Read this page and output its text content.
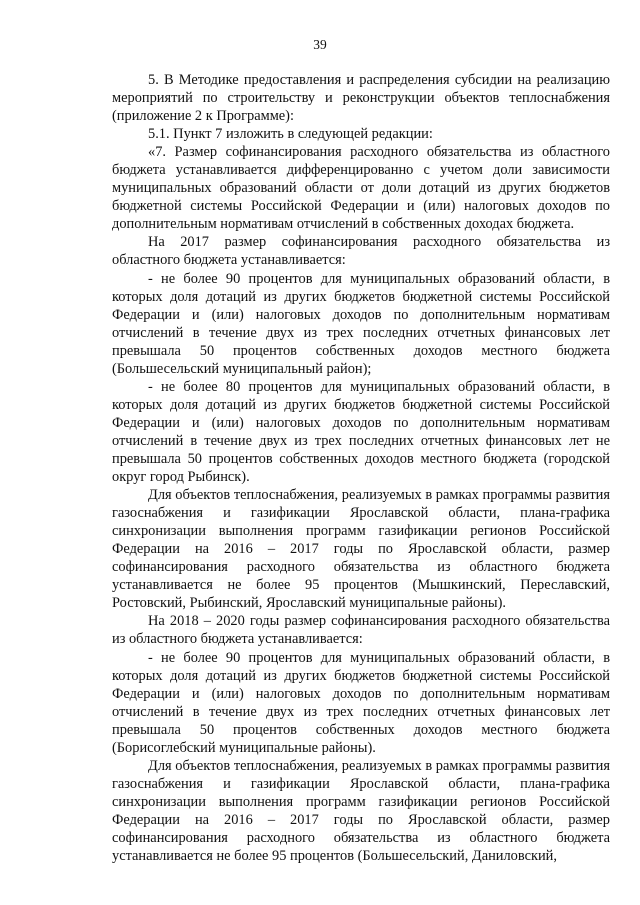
39

5. В Методике предоставления и распределения субсидии на реализацию мероприятий по строительству и реконструкции объектов теплоснабжения (приложение 2 к Программе):

5.1. Пункт 7 изложить в следующей редакции:

«7. Размер софинансирования расходного обязательства из областного бюджета устанавливается дифференцированно с учетом доли зависимости муниципальных образований области от доли дотаций из других бюджетов бюджетной системы Российской Федерации и (или) налоговых доходов по дополнительным нормативам отчислений в собственных доходах бюджета.

На 2017 размер софинансирования расходного обязательства из областного бюджета устанавливается:

- не более 90 процентов для муниципальных образований области, в которых доля дотаций из других бюджетов бюджетной системы Российской Федерации и (или) налоговых доходов по дополнительным нормативам отчислений в течение двух из трех последних отчетных финансовых лет превышала 50 процентов собственных доходов местного бюджета (Большесельский муниципальный район);

- не более 80 процентов для муниципальных образований области, в которых доля дотаций из других бюджетов бюджетной системы Российской Федерации и (или) налоговых доходов по дополнительным нормативам отчислений в течение двух из трех последних отчетных финансовых лет не превышала 50 процентов собственных доходов местного бюджета (городской округ город Рыбинск).

Для объектов теплоснабжения, реализуемых в рамках программы развития газоснабжения и газификации Ярославской области, плана-графика синхронизации выполнения программ газификации регионов Российской Федерации на 2016 – 2017 годы по Ярославской области, размер софинансирования расходного обязательства из областного бюджета устанавливается не более 95 процентов (Мышкинский, Переславский, Ростовский, Рыбинский, Ярославский муниципальные районы).

На 2018 – 2020 годы размер софинансирования расходного обязательства из областного бюджета устанавливается:

- не более 90 процентов для муниципальных образований области, в которых доля дотаций из других бюджетов бюджетной системы Российской Федерации и (или) налоговых доходов по дополнительным нормативам отчислений в течение двух из трех последних отчетных финансовых лет превышала 50 процентов собственных доходов местного бюджета (Борисоглебский муниципальные районы).

Для объектов теплоснабжения, реализуемых в рамках программы развития газоснабжения и газификации Ярославской области, плана-графика синхронизации выполнения программ газификации регионов Российской Федерации на 2016 – 2017 годы по Ярославской области, размер софинансирования расходного обязательства из областного бюджета устанавливается не более 95 процентов (Большесельский, Даниловский,
